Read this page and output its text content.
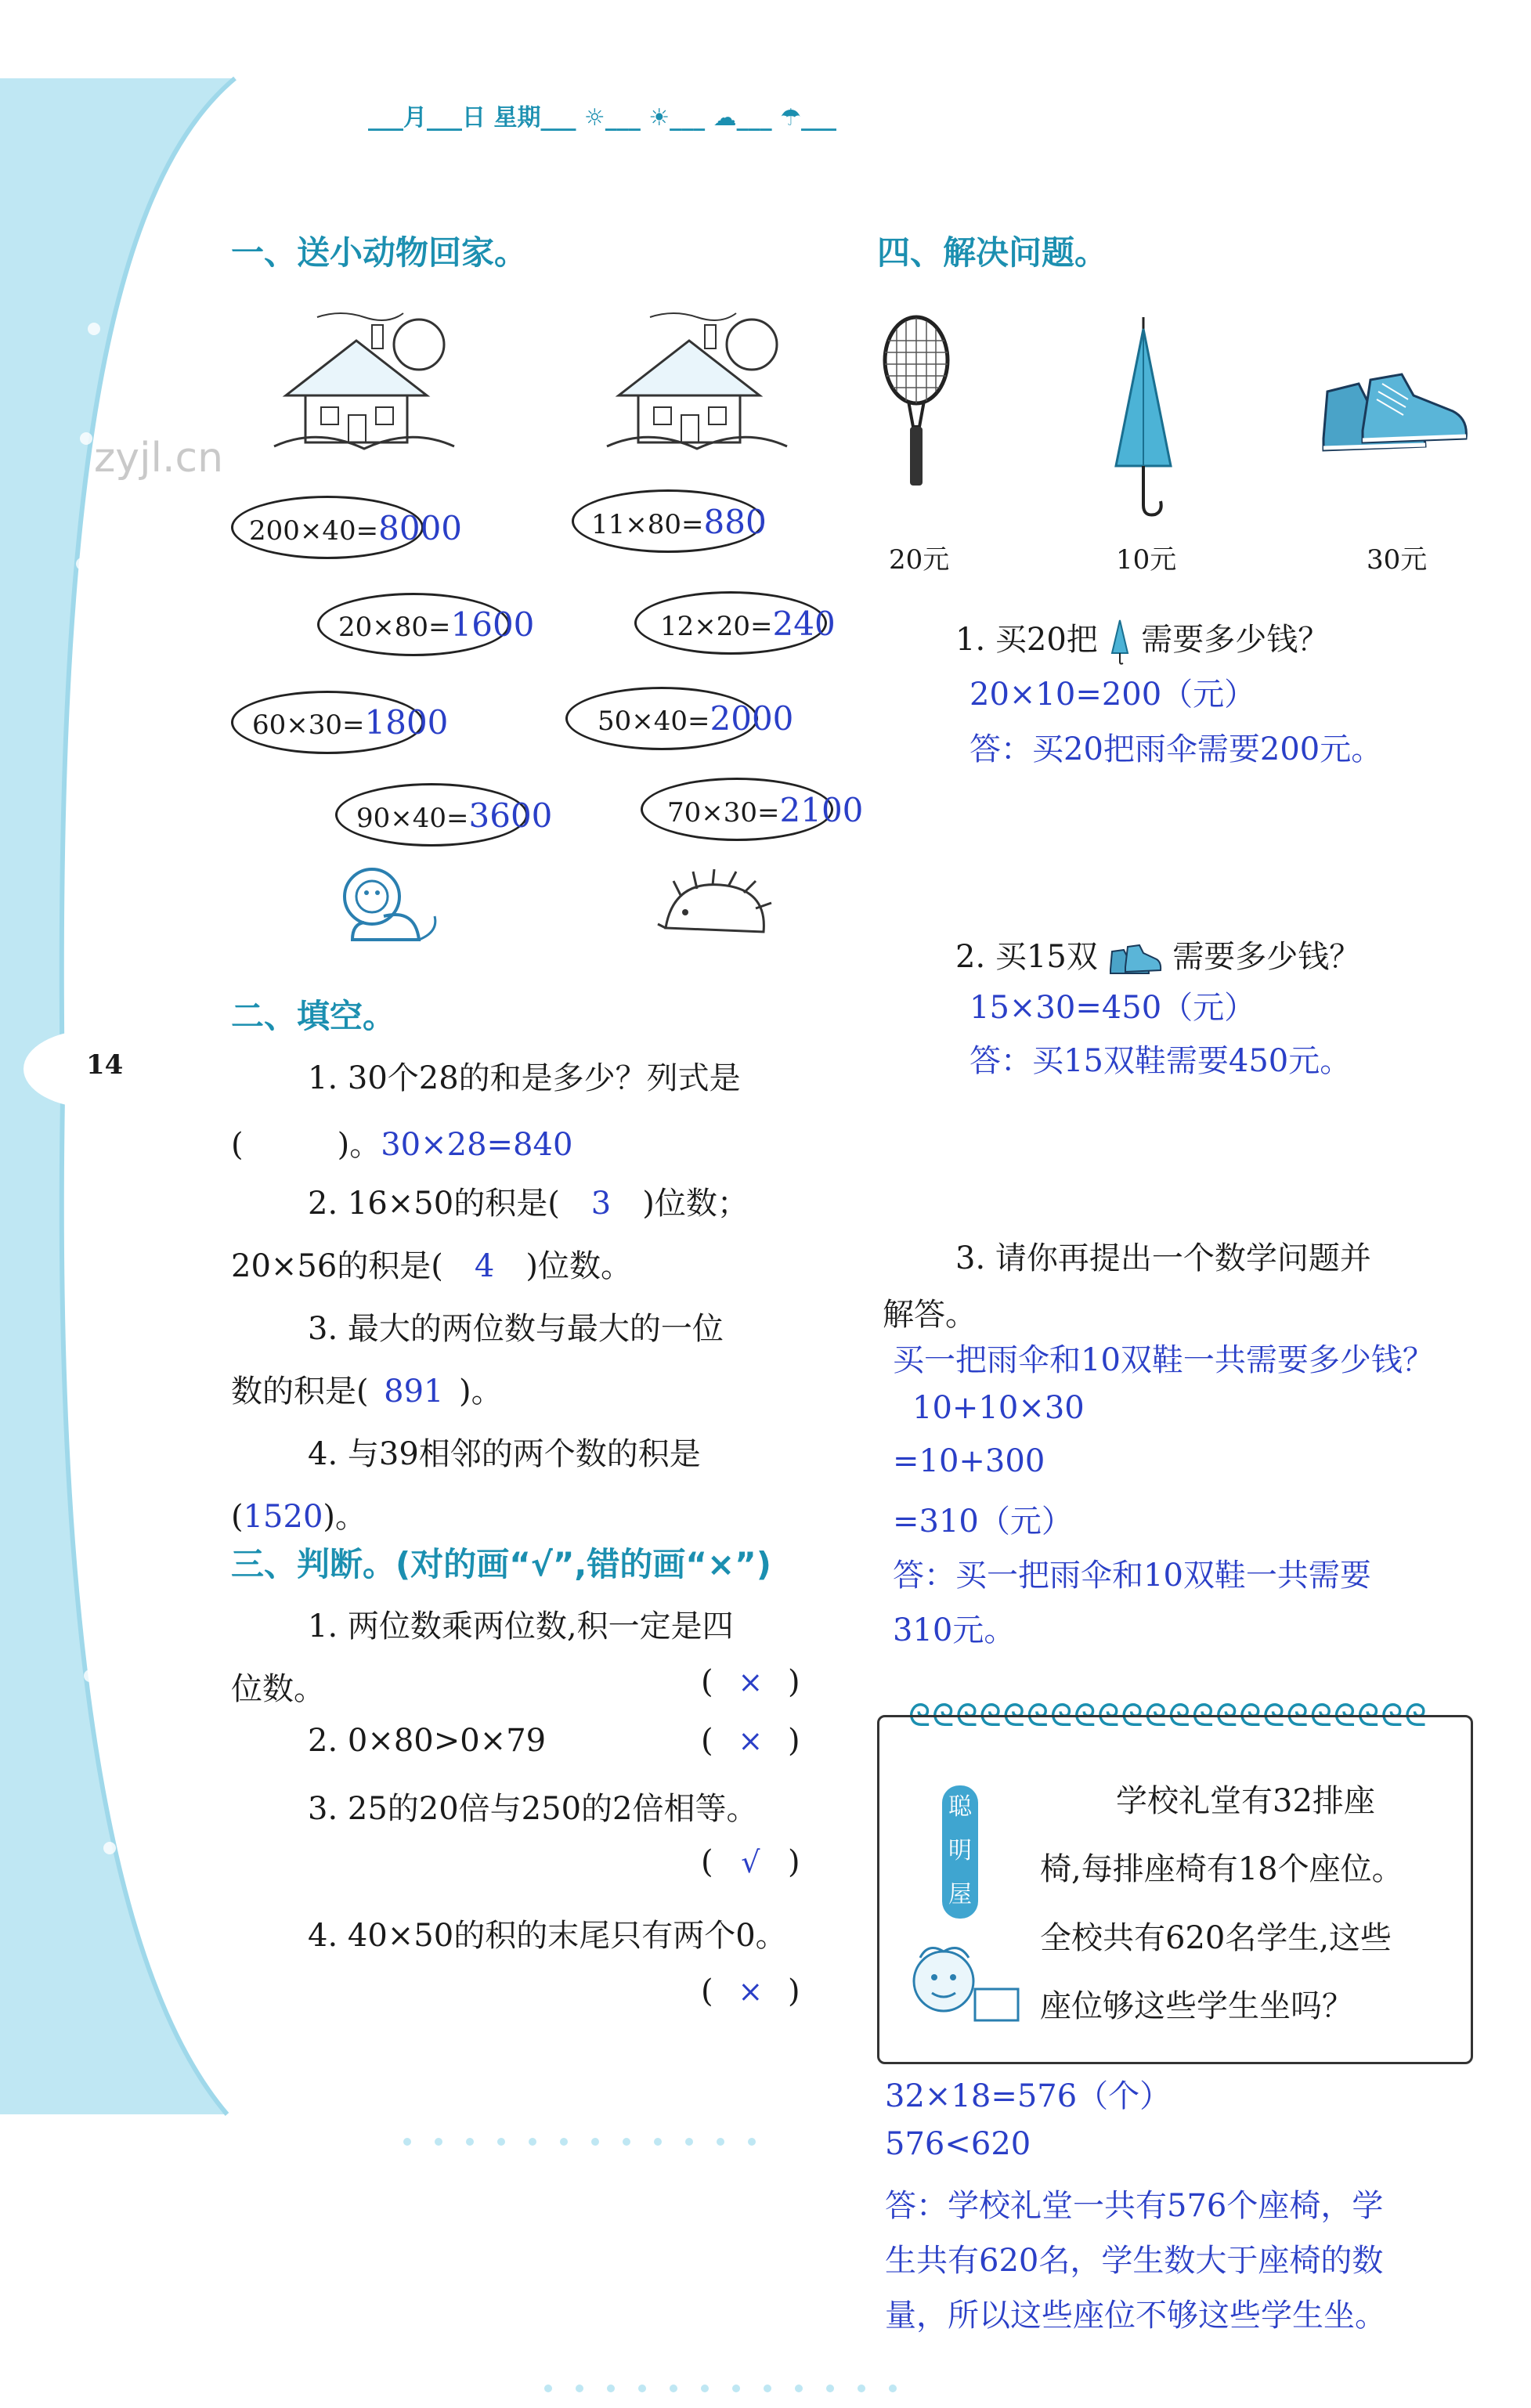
___月___日 星期___ ☼___ ☀___ ☁___ ☂___
zyjl.cn
14
一、送小动物回家。
200×40=8000
20×80=1600
60×30=1800
90×40=3600
11×80=880
12×20=240
50×40=2000
70×30=2100
二、填空。
1. 30个28的和是多少？列式是
(　　　)。30×28=840
2. 16×50的积是( 3 )位数；
20×56的积是( 4 )位数。
3. 最大的两位数与最大的一位
数的积是( 891 )。
4. 与39相邻的两个数的积是
(1520)。
三、判断。(对的画“√”,错的画“×”)
1. 两位数乘两位数,积一定是四
位数。	( × )
2. 0×80>0×79	( × )
3. 25的20倍与250的2倍相等。
( √ )
4. 40×50的积的末尾只有两个0。
( × )
四、解决问题。
20元	10元	30元
1. 买20把 需要多少钱？
20×10=200（元）
答：买20把雨伞需要200元。
2. 买15双 需要多少钱？
15×30=450（元）
答：买15双鞋需要450元。
3. 请你再提出一个数学问题并
解答。
买一把雨伞和10双鞋一共需要多少钱？
10+10×30
=10+300
=310（元）
答：买一把雨伞和10双鞋一共需要
310元。
ᘓᘓᘓᘓᘓᘓᘓᘓᘓᘓᘓᘓᘓᘓᘓᘓᘓᘓᘓᘓᘓᘓ
聪明屋
学校礼堂有32排座
椅,每排座椅有18个座位。
全校共有620名学生,这些
座位够这些学生坐吗？
32×18=576（个）
576<620
答：学校礼堂一共有576个座椅，学
生共有620名，学生数大于座椅的数
量，所以这些座位不够这些学生坐。
